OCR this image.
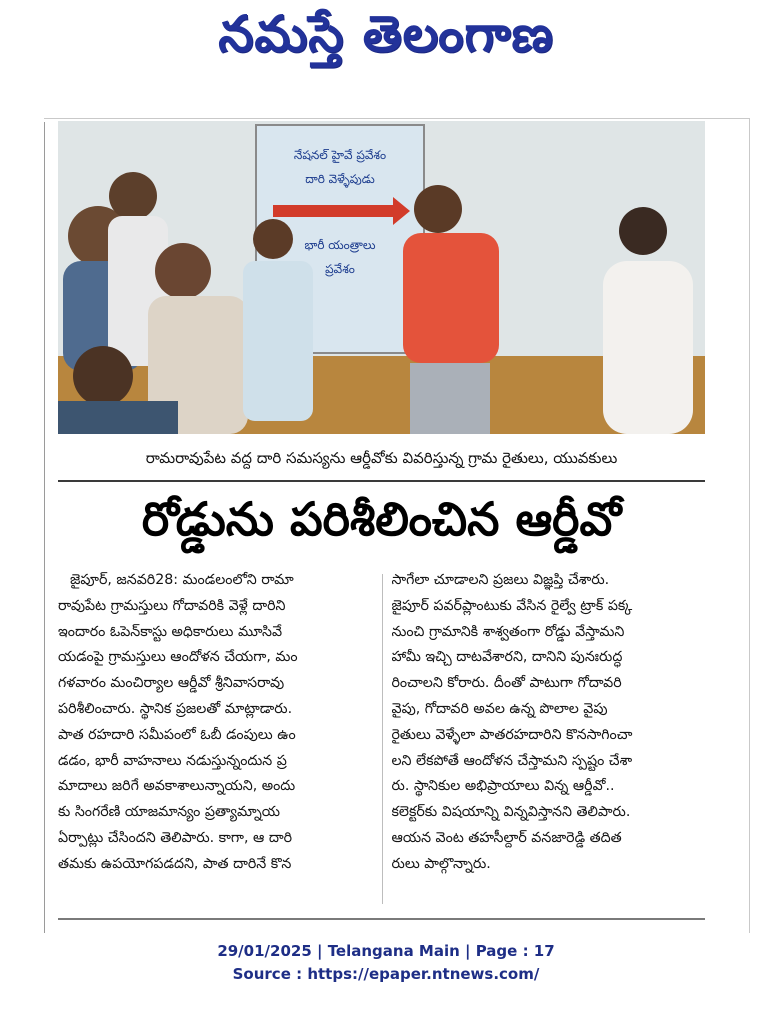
నమస్తే తెలంగాణ
నేషనల్ హైవే ప్రవేశం
దారి వెళ్ళేపుడు
భారీ యంత్రాలు
ప్రవేశం
రామరావుపేట వద్ద దారి సమస్యను ఆర్డీవోకు వివరిస్తున్న గ్రామ రైతులు, యువకులు
రోడ్డును పరిశీలించిన ఆర్డీవో
జైపూర్, జనవరి28: మండలంలోని రామా
రావుపేట గ్రామస్తులు గోదావరికి వెళ్లే దారిని
ఇందారం ఓపెన్‌కాస్టు అధికారులు మూసివే
యడంపై గ్రామస్తులు ఆందోళన చేయగా, మం
గళవారం మంచిర్యాల ఆర్డీవో శ్రీనివాసరావు
పరిశీలించారు. స్థానిక ప్రజలతో మాట్లాడారు.
పాత రహదారి సమీపంలో ఓబీ డంపులు ఉం
డడం, భారీ వాహనాలు నడుస్తున్నందున ప్ర
మాదాలు జరిగే అవకాశాలున్నాయని, అందు
కు సింగరేణి యాజమాన్యం ప్రత్యామ్నాయ
ఏర్పాట్లు చేసిందని తెలిపారు. కాగా, ఆ దారి
తమకు ఉపయోగపడదని, పాత దారినే కొన
సాగేలా చూడాలని ప్రజలు విజ్ఞప్తి చేశారు.
జైపూర్ పవర్‌ప్లాంటుకు వేసిన రైల్వే ట్రాక్ పక్క
నుంచి గ్రామానికి శాశ్వతంగా రోడ్డు వేస్తామని
హామీ ఇచ్చి దాటవేశారని, దానిని పునఃరుద్ధ
రించాలని కోరారు. దీంతో పాటుగా గోదావరి
వైపు, గోదావరి అవల ఉన్న పొలాల వైపు
రైతులు వెళ్ళేలా పాతరహదారిని కొనసాగించా
లని లేకపోతే ఆందోళన చేస్తామని స్పష్టం చేశా
రు. స్థానికుల అభిప్రాయాలు విన్న ఆర్డీవో..
కలెక్టర్‌కు విషయాన్ని విన్నవిస్తానని తెలిపారు.
ఆయన వెంట తహసీల్దార్ వనజారెడ్డి తదిత
రులు పాల్గొన్నారు.
29/01/2025 | Telangana Main | Page : 17
Source : https://epaper.ntnews.com/
